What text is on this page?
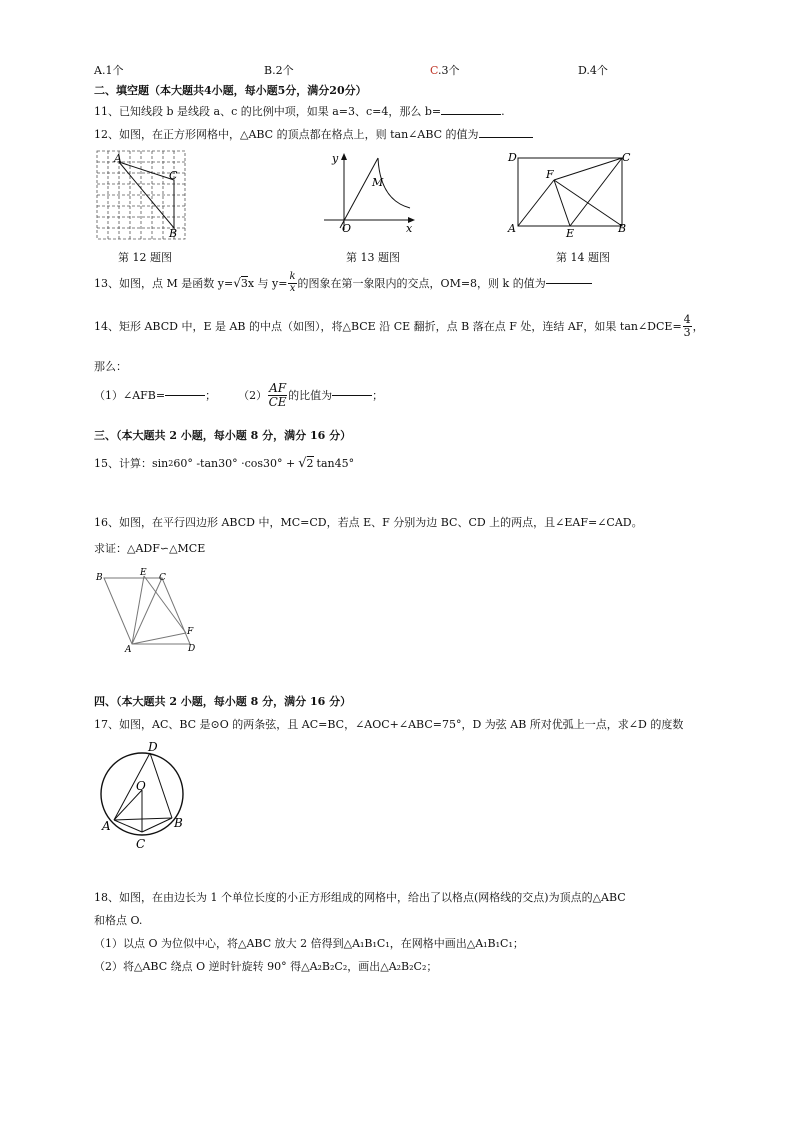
A.1个	B.2个	C.3个	D.4个
二、填空题（本大题共4小题，每小题5分，满分20分）
11、已知线段 b 是线段 a、c 的比例中项，如果 a=3、c=4，那么 b=	.
12、如图，在正方形网格中，△ABC 的顶点都在格点上，则 tan∠ABC 的值为
A
C
B
第 12 题图
y
x
O
M
第 13 题图
D	C
A	B
E
F
第 14 题图
13、如图，点 M 是函数 y= √ 3 x 与 $y= \frac{k}{x}$ 的图象在第一象限内的交点，OM=8，则 k 的值为
14、矩形 ABCD 中，E 是 AB 的中点（如图），将△BCE 沿 CE 翻折，点 B 落在点 F 处，连结 AF，如果 tan∠DCE= $\frac{4}{3}$ ，
那么：
（1）∠AFB=	； $(2) \frac{AF}{CE}$ 的比值为	；
三、（本大题共 2 小题，每小题 8 分，满分 16 分）
15、计算：sin 2 60° -tan30° ·cos30° + √ 2 tan45°
16、如图，在平行四边形 ABCD 中，MC=CD，若点 E、F 分别为边 BC、CD 上的两点，且∠EAF=∠CAD。
求证：△ADF∽△MCE
B	E C
A	D
F
四、（本大题共 2 小题，每小题 8 分，满分 16 分）
17、如图，AC、BC 是⊙O 的两条弦，且 AC=BC，∠AOC+∠ABC=75°，D 为弦 AB 所对优弧上一点，求∠D 的度数
D
O
A	B
C
18、如图，在由边长为 1 个单位长度的小正方形组成的网格中，给出了以格点(网格线的交点)为顶点的△ABC
和格点 O.
（1）以点 O 为位似中心，将△ABC 放大 2 倍得到△A₁B₁C₁，在网格中画出△A₁B₁C₁；
（2）将△ABC 绕点 O 逆时针旋转 90° 得△A₂B₂C₂，画出△A₂B₂C₂；
